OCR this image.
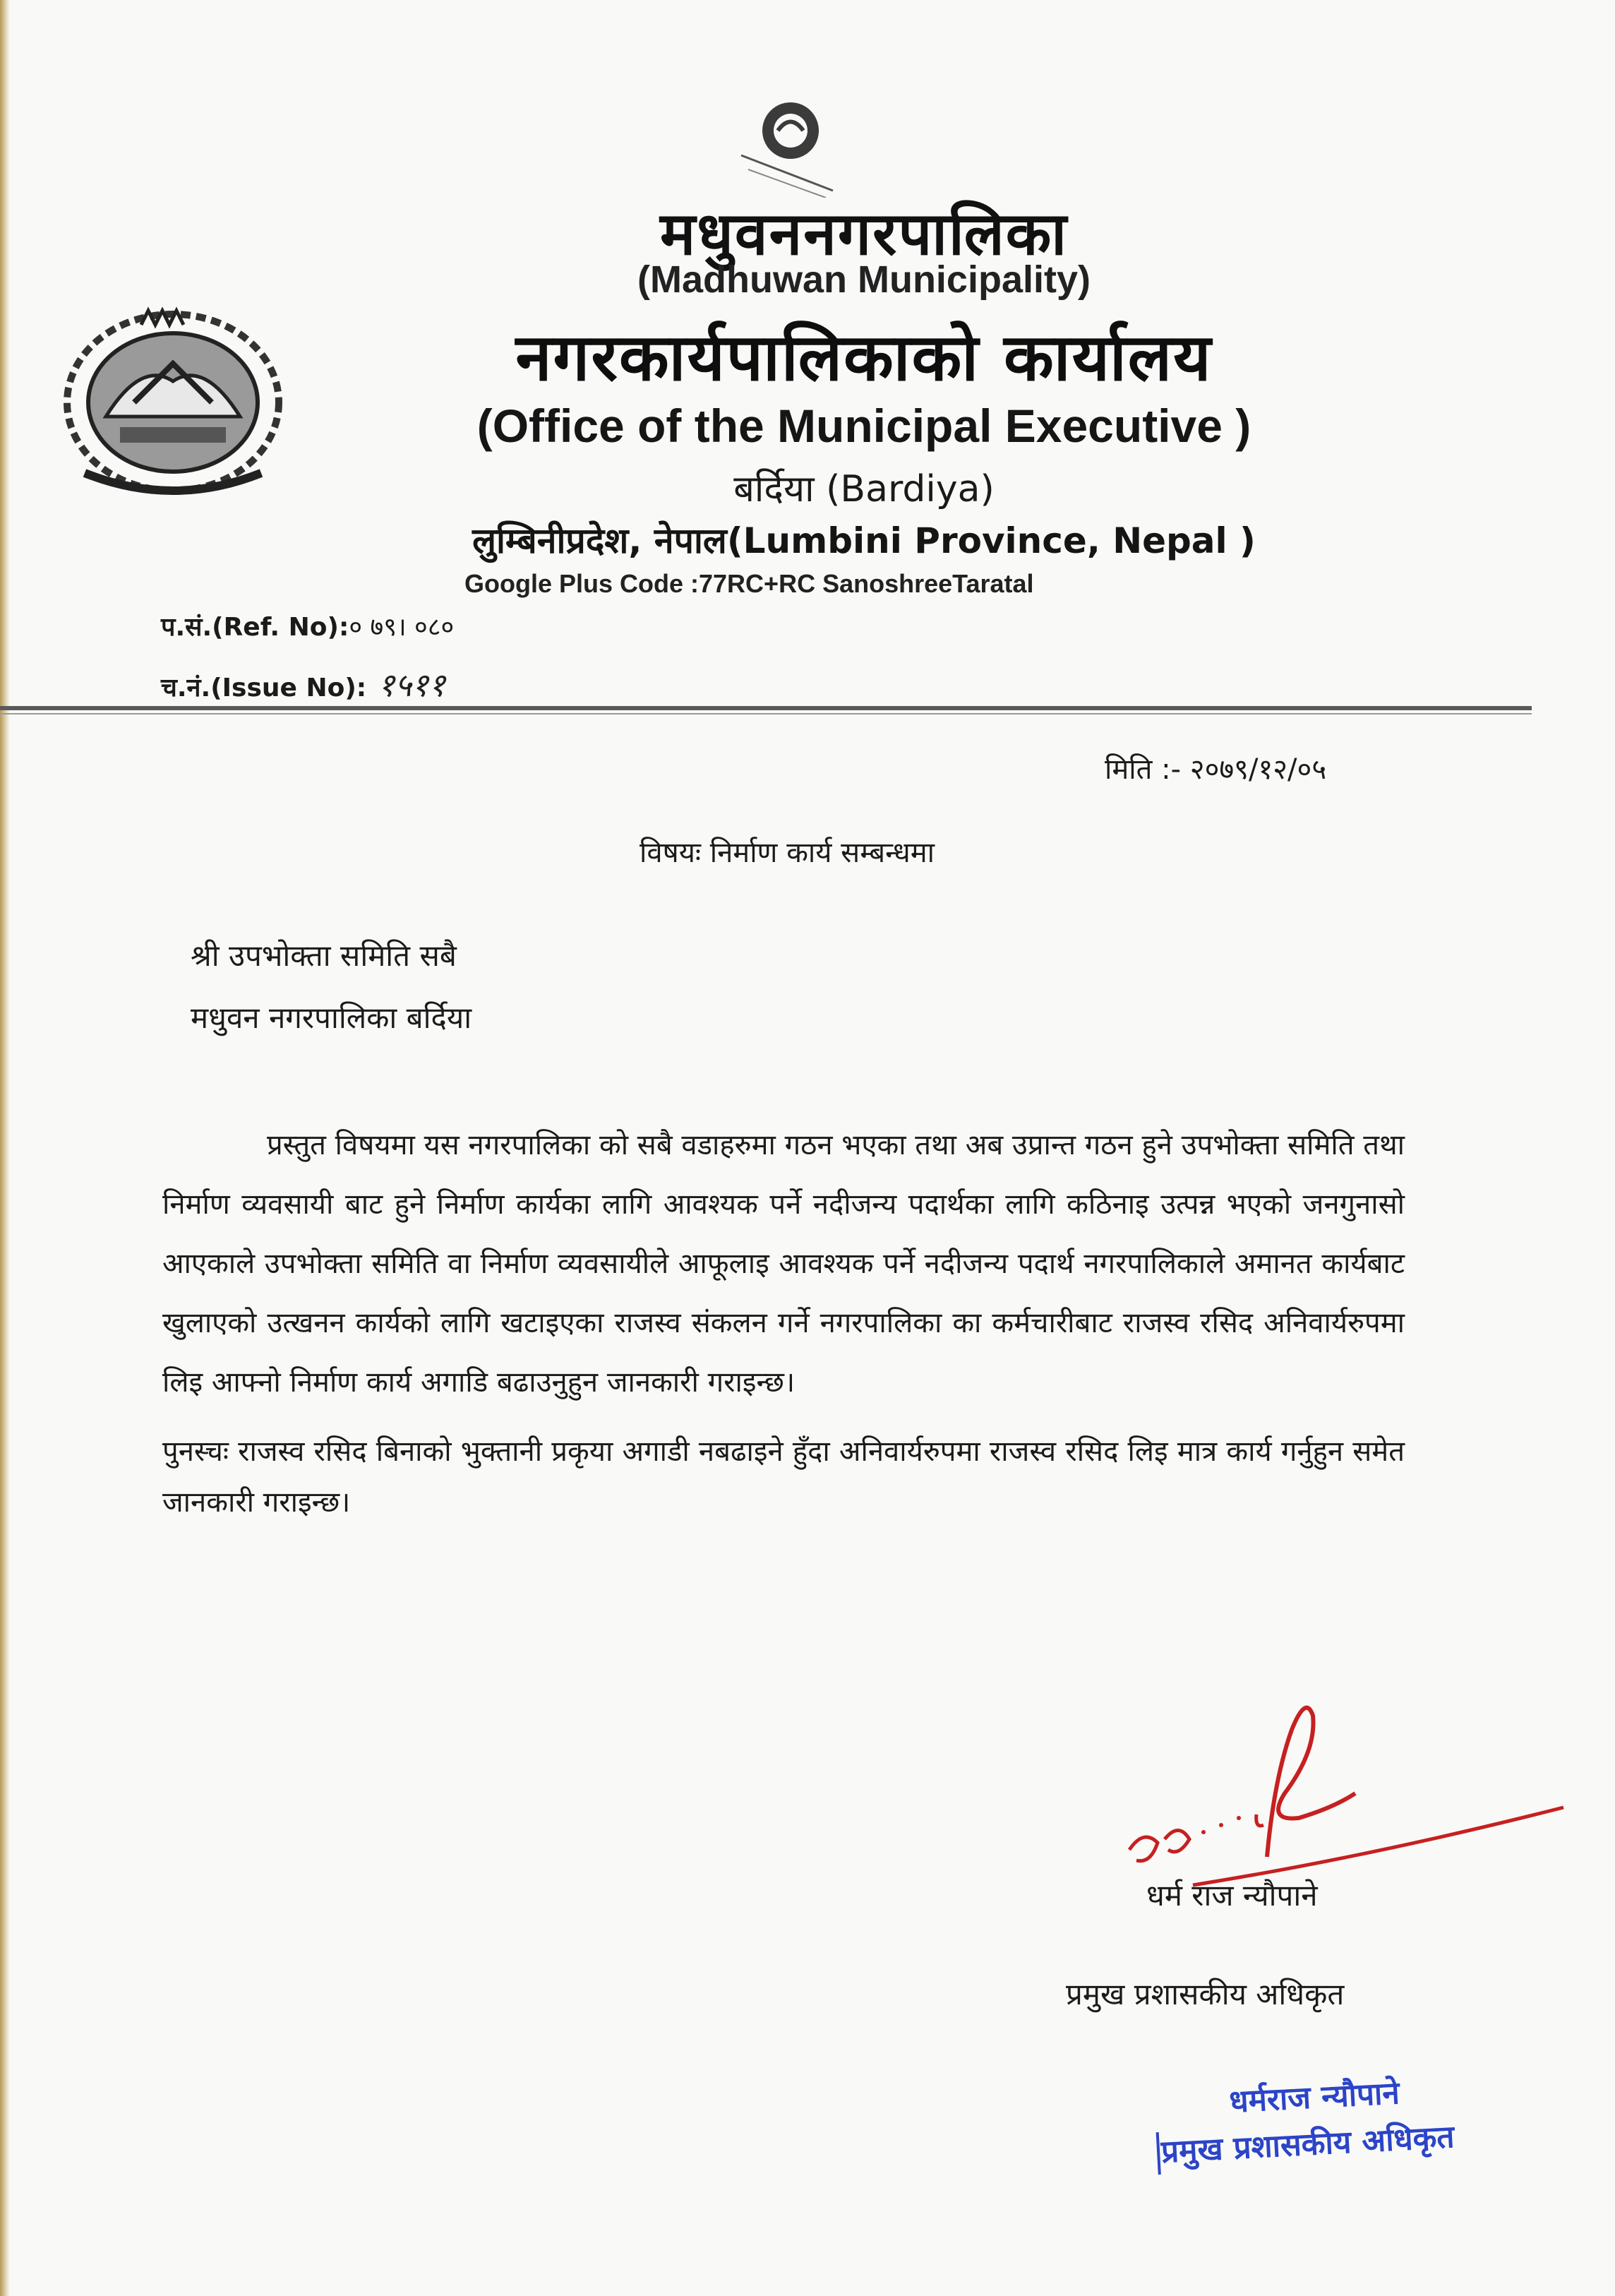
मधुवननगरपालिका
(Madhuwan Municipality)
नगरकार्यपालिकाको कार्यालय
(Office of the Municipal Executive )
बर्दिया (Bardiya)
लुम्बिनीप्रदेश, नेपाल(Lumbini Province, Nepal )
Google Plus Code :77RC+RC SanoshreeTaratal
प.सं.(Ref. No):० ७९। ०८०
च.नं.(Issue No): १५११
मिति :- २०७९/१२/०५
विषयः निर्माण कार्य सम्बन्धमा
श्री उपभोक्ता समिति सबै
मधुवन नगरपालिका बर्दिया

प्रस्तुत विषयमा यस नगरपालिका को सबै वडाहरुमा गठन भएका तथा अब उप्रान्त गठन हुने उपभोक्ता समिति तथा निर्माण व्यवसायी बाट हुने निर्माण कार्यका लागि आवश्यक पर्ने नदीजन्य पदार्थका लागि कठिनाइ उत्पन्न भएको जनगुनासो आएकाले उपभोक्ता समिति वा निर्माण व्यवसायीले आफूलाइ आवश्यक पर्ने नदीजन्य पदार्थ नगरपालिकाले अमानत कार्यबाट खुलाएको उत्खनन कार्यको लागि खटाइएका राजस्व संकलन गर्ने नगरपालिका का कर्मचारीबाट राजस्व रसिद अनिवार्यरुपमा लिइ आफ्नो निर्माण कार्य अगाडि बढाउनुहुन जानकारी गराइन्छ।

पुनस्चः राजस्व रसिद बिनाको भुक्तानी प्रकृया अगाडी नबढाइने हुँदा अनिवार्यरुपमा राजस्व रसिद लिइ मात्र कार्य गर्नुहुन समेत जानकारी गराइन्छ।

धर्म राज न्यौपाने
प्रमुख प्रशासकीय अधिकृत
धर्मराज न्यौपाने
प्रमुख प्रशासकीय अधिकृत
